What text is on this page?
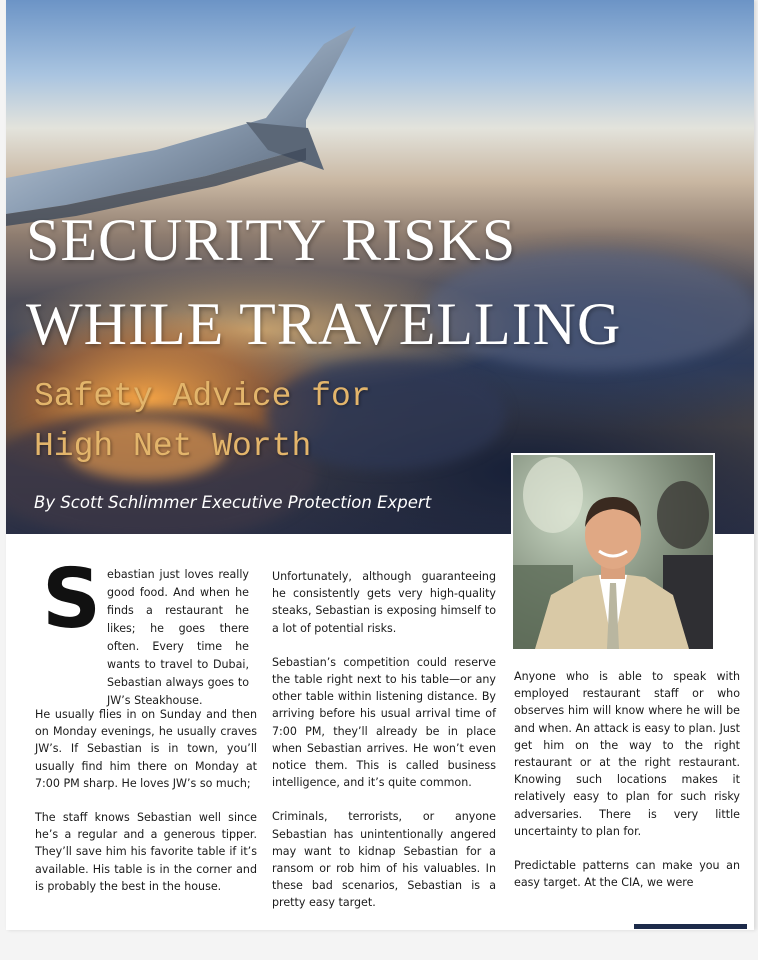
SECURITY RISKS
WHILE TRAVELLING
Safety Advice for
High Net Worth
By Scott Schlimmer Executive Protection Expert
S ebastian just loves really good food. And when he finds a restaurant he likes; he goes there often. Every time he wants to travel to Dubai, Sebastian always goes to JW’s Steakhouse.

He usually flies in on Sunday and then on Monday evenings, he usually craves JW’s. If Sebastian is in town, you’ll usually find him there on Monday at 7:00 PM sharp. He loves JW’s so much;

The staff knows Sebastian well since he’s a regular and a generous tipper. They’ll save him his favorite table if it’s available. His table is in the corner and is probably the best in the house.

Unfortunately, although guaranteeing he consistently gets very high-quality steaks, Sebastian is exposing himself to a lot of potential risks.

Sebastian’s competition could reserve the table right next to his table—or any other table within listening distance. By arriving before his usual arrival time of 7:00 PM, they’ll already be in place when Sebastian arrives. He won’t even notice them. This is called business intelligence, and it’s quite common.

Criminals, terrorists, or anyone Sebastian has unintentionally angered may want to kidnap Sebastian for a ransom or rob him of his valuables. In these bad scenarios, Sebastian is a pretty easy target.

Anyone who is able to speak with employed restaurant staff or who observes him will know where he will be and when. An attack is easy to plan. Just get him on the way to the right restaurant or at the right restaurant. Knowing such locations makes it relatively easy to plan for such risky adversaries. There is very little uncertainty to plan for.

Predictable patterns can make you an easy target. At the CIA, we were
